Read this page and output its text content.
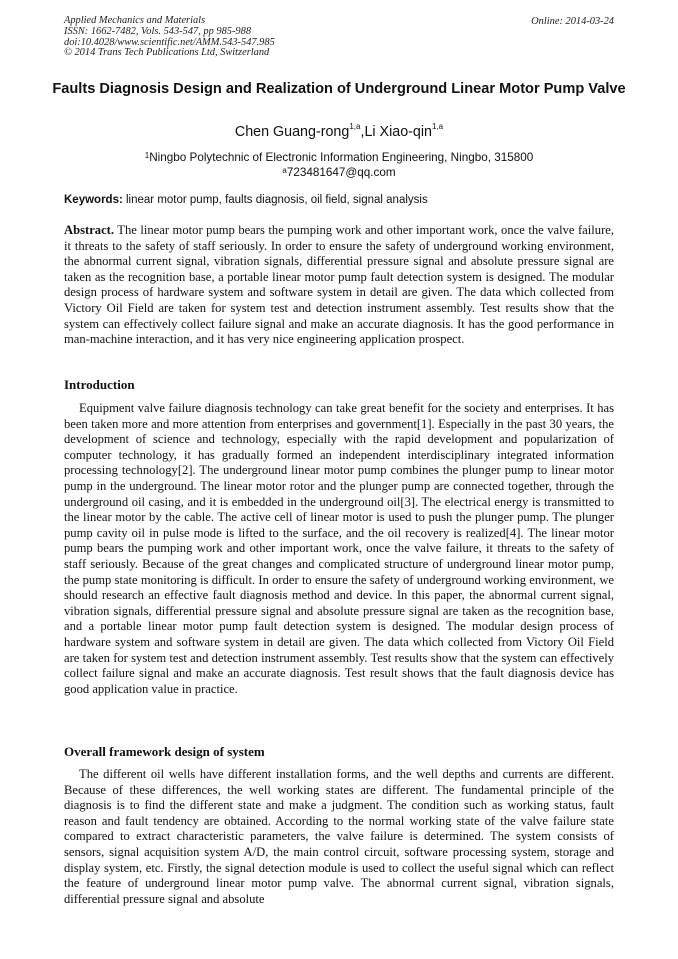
Applied Mechanics and Materials
ISSN: 1662-7482, Vols. 543-547, pp 985-988
doi:10.4028/www.scientific.net/AMM.543-547.985
© 2014 Trans Tech Publications Ltd, Switzerland
Online: 2014-03-24
Faults Diagnosis Design and Realization of Underground Linear Motor Pump Valve
Chen Guang-rong$^{1,a}$,Li Xiao-qin$^{1,a}$
$^1$Ningbo Polytechnic of Electronic Information Engineering, Ningbo, 315800
$^a$723481647@qq.com
Keywords: linear motor pump, faults diagnosis, oil field, signal analysis

Abstract. The linear motor pump bears the pumping work and other important work, once the valve failure, it threats to the safety of staff seriously. In order to ensure the safety of underground working environment, the abnormal current signal, vibration signals, differential pressure signal and absolute pressure signal are taken as the recognition base, a portable linear motor pump fault detection system is designed. The modular design process of hardware system and software system in detail are given. The data which collected from Victory Oil Field are taken for system test and detection instrument assembly. Test results show that the system can effectively collect failure signal and make an accurate diagnosis. It has the good performance in man-machine interaction, and it has very nice engineering application prospect.

Introduction

Equipment valve failure diagnosis technology can take great benefit for the society and enterprises. It has been taken more and more attention from enterprises and government[1]. Especially in the past 30 years, the development of science and technology, especially with the rapid development and popularization of computer technology, it has gradually formed an independent interdisciplinary integrated information processing technology[2]. The underground linear motor pump combines the plunger pump to linear motor pump in the underground. The linear motor rotor and the plunger pump are connected together, through the underground oil casing, and it is embedded in the underground oil[3]. The electrical energy is transmitted to the linear motor by the cable. The active cell of linear motor is used to push the plunger pump. The plunger pump cavity oil in pulse mode is lifted to the surface, and the oil recovery is realized[4]. The linear motor pump bears the pumping work and other important work, once the valve failure, it threats to the safety of staff seriously. Because of the great changes and complicated structure of underground linear motor pump, the pump state monitoring is difficult. In order to ensure the safety of underground working environment, we should research an effective fault diagnosis method and device. In this paper, the abnormal current signal, vibration signals, differential pressure signal and absolute pressure signal are taken as the recognition base, and a portable linear motor pump fault detection system is designed. The modular design process of hardware system and software system in detail are given. The data which collected from Victory Oil Field are taken for system test and detection instrument assembly. Test results show that the system can effectively collect failure signal and make an accurate diagnosis. Test result shows that the fault diagnosis device has good application value in practice.

Overall framework design of system

The different oil wells have different installation forms, and the well depths and currents are different. Because of these differences, the well working states are different. The fundamental principle of the diagnosis is to find the different state and make a judgment. The condition such as working status, fault reason and fault tendency are obtained. According to the normal working state of the valve failure state compared to extract characteristic parameters, the valve failure is determined. The system consists of sensors, signal acquisition system A/D, the main control circuit, software processing system, storage and display system, etc. Firstly, the signal detection module is used to collect the useful signal which can reflect the feature of underground linear motor pump valve. The abnormal current signal, vibration signals, differential pressure signal and absolute
